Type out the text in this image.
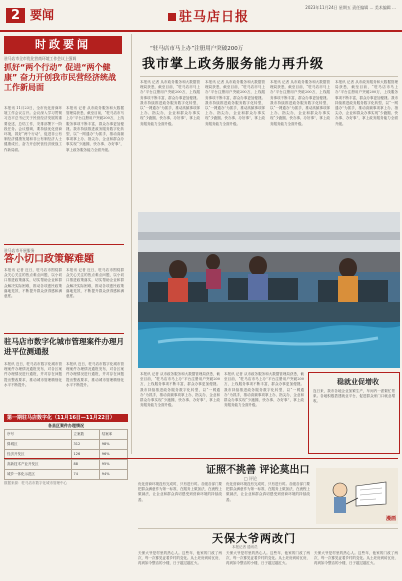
2 要闻	驻马店日报
2023年11月24日 星期五 责任编辑 … 美术编辑 …
时政要闻
驻马店市全市优化营商环境工作会议上强调
抓好“两个行动” 促进“两个健康” 奋力开创我市民营经济统战工作新局面
本报讯 11月23日，全市优化营商环境工作会议召开。会议深入学习贯彻习近平总书记关于民营经济发展的重要论述，总结工作，安排部署下一阶段任务。会议强调，要持续优化营商环境，抓好“两个行动”，促进非公有制经济健康发展和非公有制经济人士健康成长，奋力开创民营经济统战工作新局面。
本报讯 记者 从市政务服务和大数据管理局获悉，截至目前，“驻马店市马上办”平台注册用户突破200万，上线服务事项不断丰富，群众办事更加便捷。我市持续推进政务服务数字化转型，以“一网通办”为抓手，推动高频事项掌上办、指尖办，企业和群众办事实现“少跑腿、快办事、办好事”，掌上政务服务能力全面升级。
驻马店市开展服务
答小切口政策解难题
本报讯 记者 近日，驻马店市围绕群众关心关注的热点难点问题，以小切口推进政策落实，切实帮助企业和群众解决实际困难，推动各项惠民政策落地见效，不断提升群众获得感和满意度。
本报讯 记者 近日，驻马店市围绕群众关心关注的热点难点问题，以小切口推进政策落实，切实帮助企业和群众解决实际困难，推动各项惠民政策落地见效，不断提升群众获得感和满意度。
驻马店市数字化城市管理案件办理月进平位测通报
本报讯 近日，驻马店市数字化城市管理案件办理情况通报发布，对各区案件办理情况进行通报，并对存在问题提出整改要求，推动城市管理精细化水平不断提升。
本报讯 近日，驻马店市数字化城市管理案件办理情况通报发布，对各区案件办理情况进行通报，并对存在问题提出整改要求，推动城市管理精细化水平不断提升。
第一期驻马店数字化（11月16日—11月22日）
各县区案件办理情况
序号	立案数	结案率
驿城区	312	98%
经济开发区	126	96%
高新技术产业开发区	88	95%
城乡一体化示范区	74	94%
数据来源：驻马店市数字化城市管理中心
“驻马店市马上办”注册用户突破200万
我市掌上政务服务能力再升级
本报讯 记者 从市政务服务和大数据管理局获悉，截至目前，“驻马店市马上办”平台注册用户突破200万，上线服务事项不断丰富，群众办事更加便捷。我市持续推进政务服务数字化转型，以“一网通办”为抓手，推动高频事项掌上办、指尖办，企业和群众办事实现“少跑腿、快办事、办好事”，掌上政务服务能力全面升级。
本报讯 记者 从市政务服务和大数据管理局获悉，截至目前，“驻马店市马上办”平台注册用户突破200万，上线服务事项不断丰富，群众办事更加便捷。我市持续推进政务服务数字化转型，以“一网通办”为抓手，推动高频事项掌上办、指尖办，企业和群众办事实现“少跑腿、快办事、办好事”，掌上政务服务能力全面升级。
本报讯 记者 从市政务服务和大数据管理局获悉，截至目前，“驻马店市马上办”平台注册用户突破200万，上线服务事项不断丰富，群众办事更加便捷。我市持续推进政务服务数字化转型，以“一网通办”为抓手，推动高频事项掌上办、指尖办，企业和群众办事实现“少跑腿、快办事、办好事”，掌上政务服务能力全面升级。
本报讯 记者 从市政务服务和大数据管理局获悉，截至目前，“驻马店市马上办”平台注册用户突破200万，上线服务事项不断丰富，群众办事更加便捷。我市持续推进政务服务数字化转型，以“一网通办”为抓手，推动高频事项掌上办、指尖办，企业和群众办事实现“少跑腿、快办事、办好事”，掌上政务服务能力全面升级。
稳就业促增收
连日来，我市各地企业加紧生产，车间内一派繁忙景象。各地积极搭建就业平台，促进群众家门口就业增收。
本报讯 记者 从市政务服务和大数据管理局获悉，截至目前，“驻马店市马上办”平台注册用户突破200万，上线服务事项不断丰富，群众办事更加便捷。我市持续推进政务服务数字化转型，以“一网通办”为抓手，推动高频事项掌上办、指尖办，企业和群众办事实现“少跑腿、快办事、办好事”，掌上政务服务能力全面升级。
本报讯 记者 从市政务服务和大数据管理局获悉，截至目前，“驻马店市马上办”平台注册用户突破200万，上线服务事项不断丰富，群众办事更加便捷。我市持续推进政务服务数字化转型，以“一网通办”为抓手，推动高频事项掌上办、指尖办，企业和群众办事实现“少跑腿、快办事、办好事”，掌上政务服务能力全面升级。
证照不挑善 评论莫出口
□ 评论
优化营商环境没有完成时，只有进行时。各级各部门要把群众满意作为第一标准，在服务上做加法，在流程上做减法，让企业和群众真切感受到营商环境的持续改善。
优化营商环境没有完成时，只有进行时。各级各部门要把群众满意作为第一标准，在服务上做加法，在流程上做减法，让企业和群众真切感受到营商环境的持续改善。
漫画
天保大爷两改门
本报记者 通讯员
天保大爷是村里的热心人。这些年，他家的门改了两次，每一次都见证着乡村的变化。从土坯房到砖瓦房，再到如今整洁的小楼，日子越过越红火。
天保大爷是村里的热心人。这些年，他家的门改了两次，每一次都见证着乡村的变化。从土坯房到砖瓦房，再到如今整洁的小楼，日子越过越红火。
天保大爷是村里的热心人。这些年，他家的门改了两次，每一次都见证着乡村的变化。从土坯房到砖瓦房，再到如今整洁的小楼，日子越过越红火。
